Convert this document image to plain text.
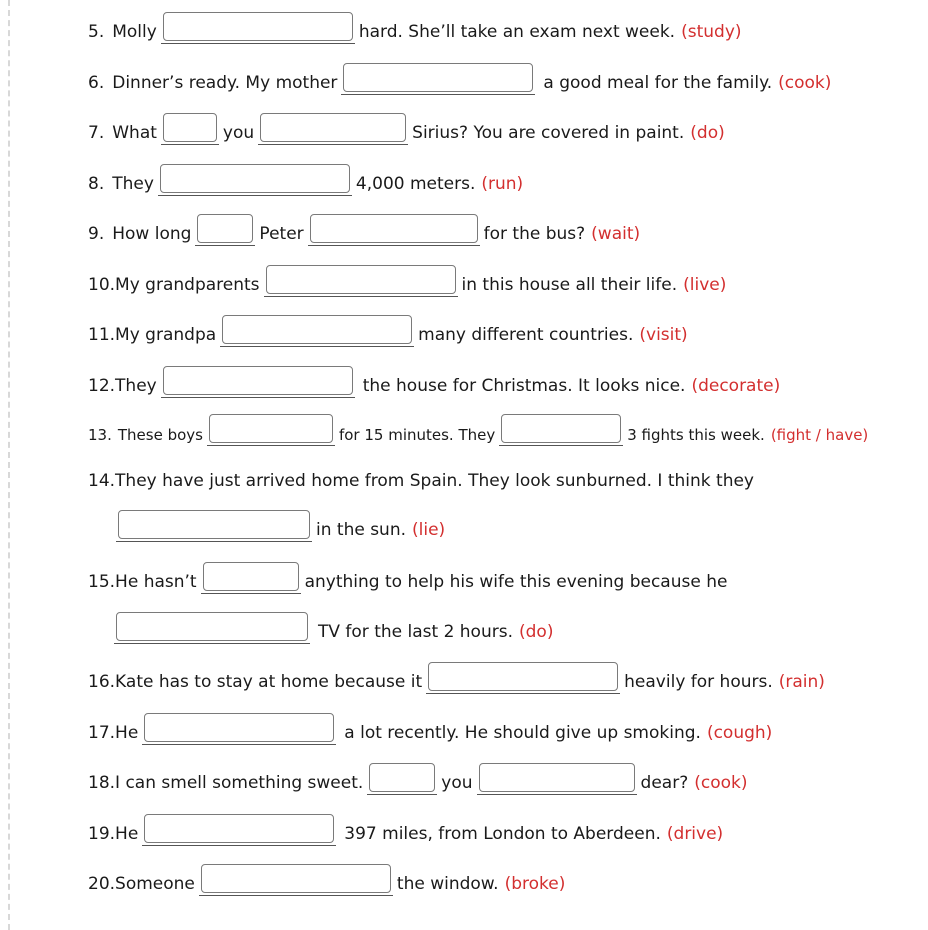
5. Molly	hard. She’ll take an exam next week. (study)
6. Dinner’s ready. My mother	a good meal for the family. (cook)
7. What	you	Sirius? You are covered in paint. (do)
8. They	4,000 meters. (run)
9. How long	Peter	for the bus? (wait)
10. My grandparents	in this house all their life. (live)
11. My grandpa	many different countries. (visit)
12. They	the house for Christmas. It looks nice. (decorate)
13. These boys	for 15 minutes. They	3 fights this week. (fight / have)
14. They have just arrived home from Spain. They look sunburned. I think they
in the sun. (lie)
15. He hasn’t	anything to help his wife this evening because he
TV for the last 2 hours. (do)
16. Kate has to stay at home because it	heavily for hours. (rain)
17. He	a lot recently. He should give up smoking. (cough)
18. I can smell something sweet.	you	dear? (cook)
19. He	397 miles, from London to Aberdeen. (drive)
20. Someone	the window. (broke)
